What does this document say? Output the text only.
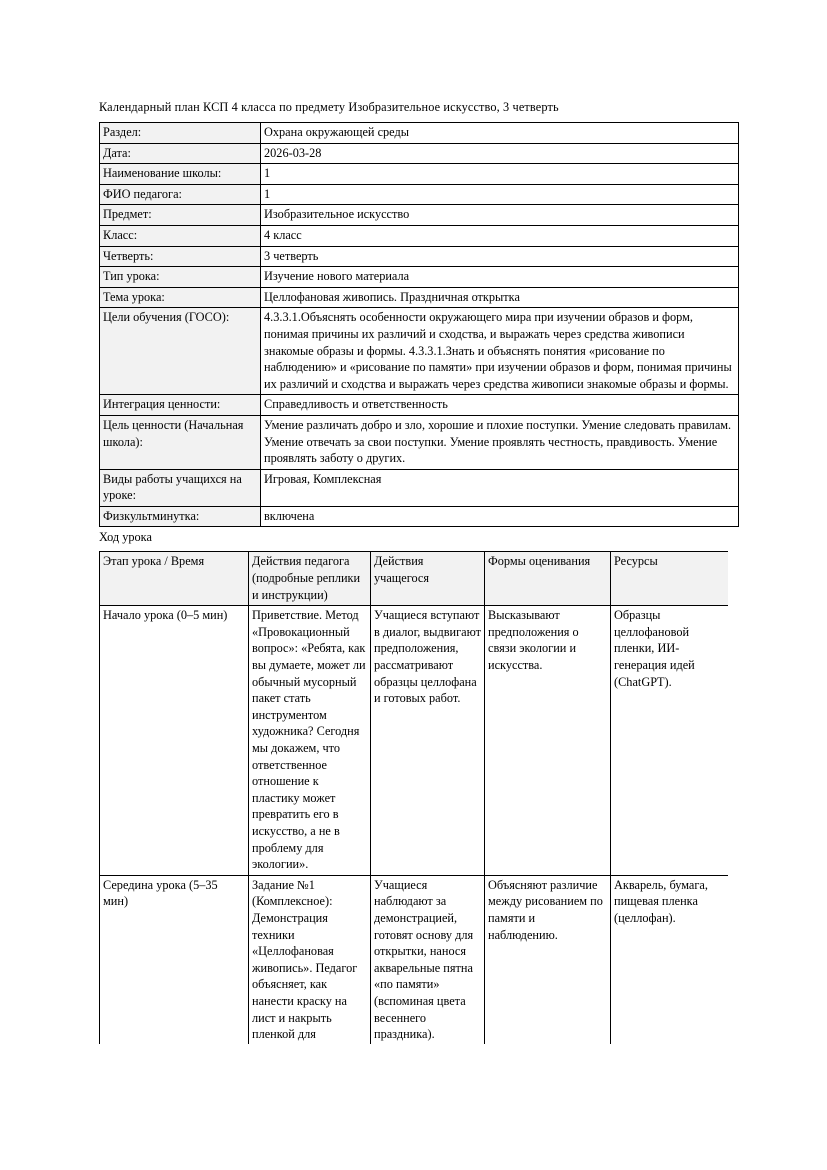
Календарный план КСП 4 класса по предмету Изобразительное искусство, 3 четверть

Раздел:	Охрана окружающей среды
Дата:	2026-03-28
Наименование школы:	1
ФИО педагога:	1
Предмет:	Изобразительное искусство
Класс:	4 класс
Четверть:	3 четверть
Тип урока:	Изучение нового материала
Тема урока:	Целлофановая живопись. Праздничная открытка
Цели обучения (ГОСО):	4.3.3.1.Объяснять особенности окружающего мира при изучении образов и форм, понимая причины их различий и сходства, и выражать через средства живописи знакомые образы и формы. 4.3.3.1.Знать и объяснять понятия «рисование по наблюдению» и «рисование по памяти» при изучении образов и форм, понимая причины их различий и сходства и выражать через средства живописи знакомые образы и формы.
Интеграция ценности:	Справедливость и ответственность
Цель ценности (Начальная школа):	Умение различать добро и зло, хорошие и плохие поступки. Умение следовать правилам. Умение отвечать за свои поступки. Умение проявлять честность, правдивость. Умение проявлять заботу о других.
Виды работы учащихся на уроке:	Игровая, Комплексная
Физкультминутка:	включена

Ход урока

Этап урока / Время	Действия педагога (подробные реплики и инструкции)	Действия учащегося	Формы оценивания	Ресурсы
Начало урока (0–5 мин)	Приветствие. Метод «Провокационный вопрос»: «Ребята, как вы думаете, может ли обычный мусорный пакет стать инструментом художника? Сегодня мы докажем, что ответственное отношение к пластику может превратить его в искусство, а не в проблему для экологии».	Учащиеся вступают в диалог, выдвигают предположения, рассматривают образцы целлофана и готовых работ.	Высказывают предположения о связи экологии и искусства.	Образцы целлофановой пленки, ИИ-генерация идей (ChatGPT).
Середина урока (5–35 мин)	Задание №1 (Комплексное): Демонстрация техники «Целлофановая живопись». Педагог объясняет, как нанести краску на лист и накрыть пленкой для	Учащиеся наблюдают за демонстрацией, готовят основу для открытки, нанося акварельные пятна «по памяти» (вспоминая цвета весеннего праздника).	Объясняют различие между рисованием по памяти и наблюдению.	Акварель, бумага, пищевая пленка (целлофан).
